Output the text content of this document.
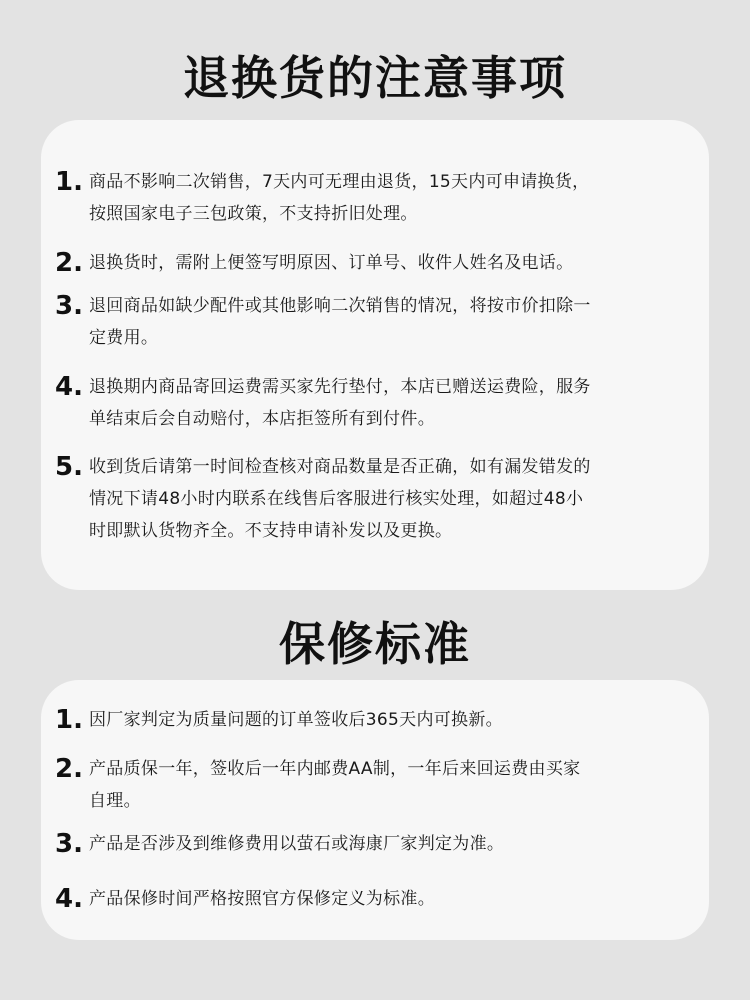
退换货的注意事项
1. 商品不影响二次销售，7天内可无理由退货，15天内可申请换货，
按照国家电子三包政策，不支持折旧处理。
2. 退换货时，需附上便签写明原因、订单号、收件人姓名及电话。
3. 退回商品如缺少配件或其他影响二次销售的情况，将按市价扣除一
定费用。
4. 退换期内商品寄回运费需买家先行垫付，本店已赠送运费险，服务
单结束后会自动赔付，本店拒签所有到付件。
5. 收到货后请第一时间检查核对商品数量是否正确，如有漏发错发的
情况下请48小时内联系在线售后客服进行核实处理，如超过48小
时即默认货物齐全。不支持申请补发以及更换。
保修标准
1. 因厂家判定为质量问题的订单签收后365天内可换新。
2. 产品质保一年，签收后一年内邮费AA制，一年后来回运费由买家
自理。
3. 产品是否涉及到维修费用以萤石或海康厂家判定为准。
4. 产品保修时间严格按照官方保修定义为标准。
